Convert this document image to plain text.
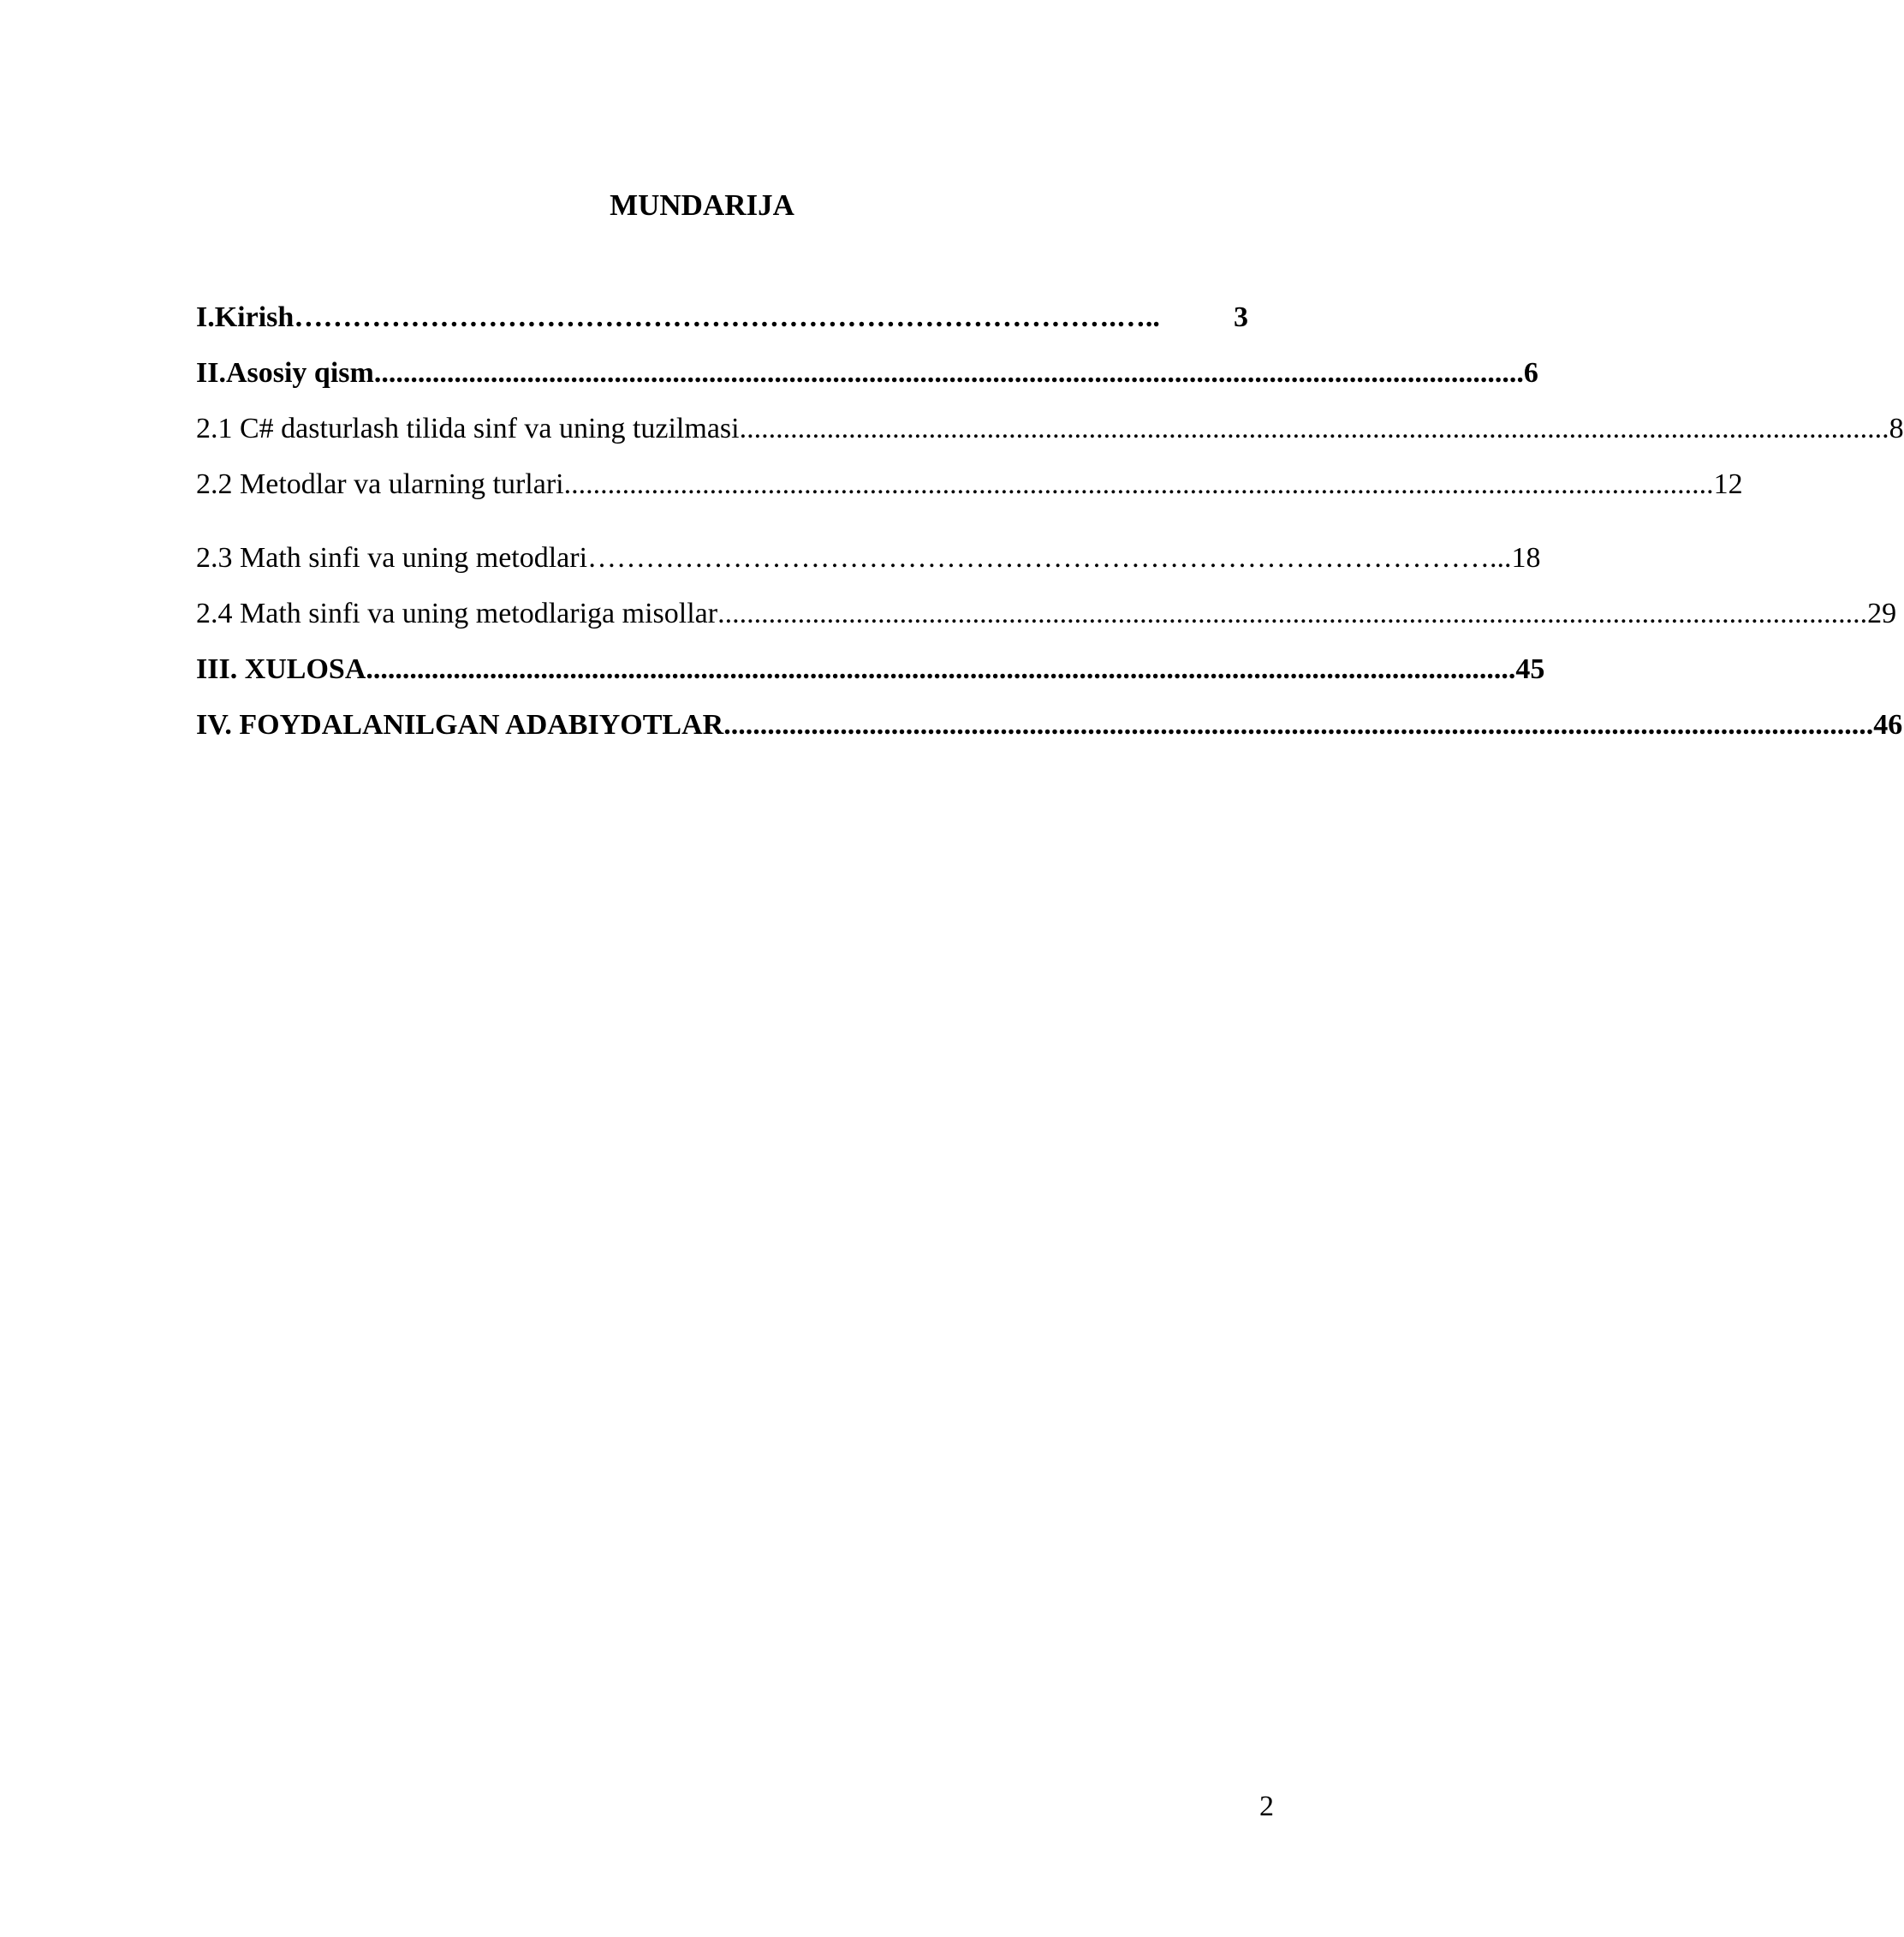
MUNDARIJA
I.Kirish ………………………………………………………………………….…..	3
II.Asosiy qism .............................................................................................................................................................. 6
2.1 C# dasturlash tilida sinf va uning tuzilmasi .............................................................................................................................................................. 8
2.2 Metodlar va ularning turlari .............................................................................................................................................................. 12
2.3 Math sinfi va uning metodlari …………………………………………………………………………………... 18
2.4 Math sinfi va uning metodlariga misollar .............................................................................................................................................................. 29
III. XULOSA .............................................................................................................................................................. 45
IV. FOYDALANILGAN ADABIYOTLAR .............................................................................................................................................................. 46
2
